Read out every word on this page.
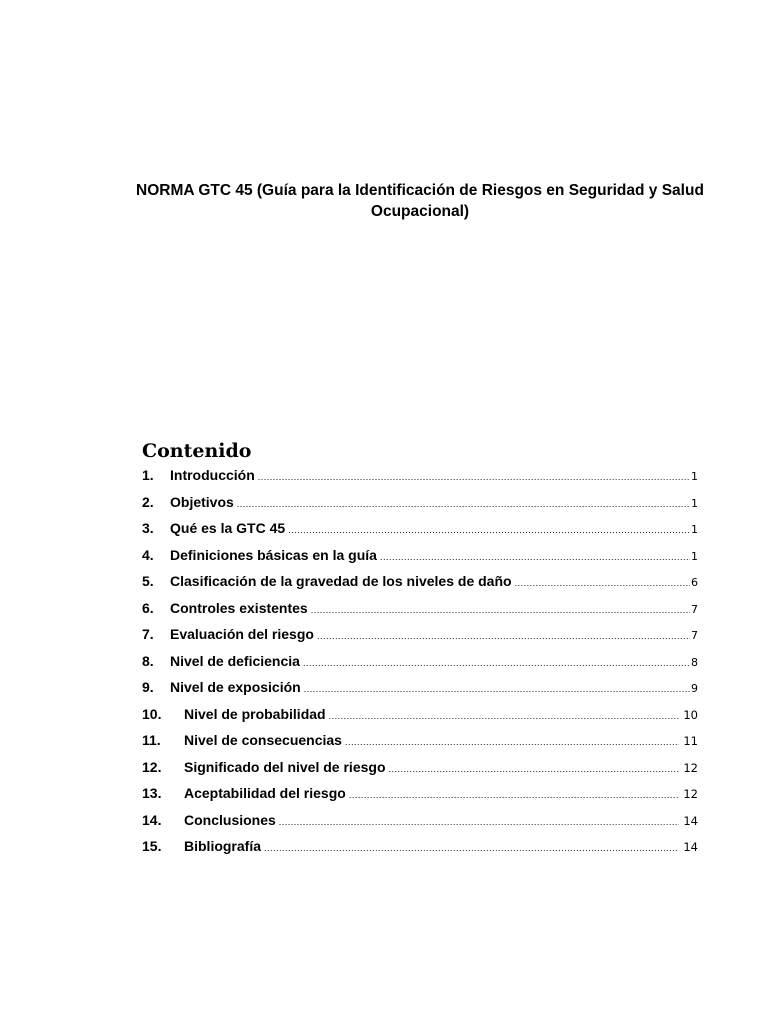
NORMA GTC 45 (Guía para la Identificación de Riesgos en Seguridad y Salud
Ocupacional)
Contenido
1.	Introducción .....	1
2.	Objetivos .....	1
3.	Qué es la GTC 45 .....	1
4.	Definiciones básicas en la guía .....	1
5.	Clasificación de la gravedad de los niveles de daño .....	6
6.	Controles existentes .....	7
7.	Evaluación del riesgo .....	7
8.	Nivel de deficiencia .....	8
9.	Nivel de exposición .....	9
10.	Nivel de probabilidad .....	10
11.	Nivel de consecuencias .....	11
12.	Significado del nivel de riesgo .....	12
13.	Aceptabilidad del riesgo .....	12
14.	Conclusiones .....	14
15.	Bibliografía .....	14
